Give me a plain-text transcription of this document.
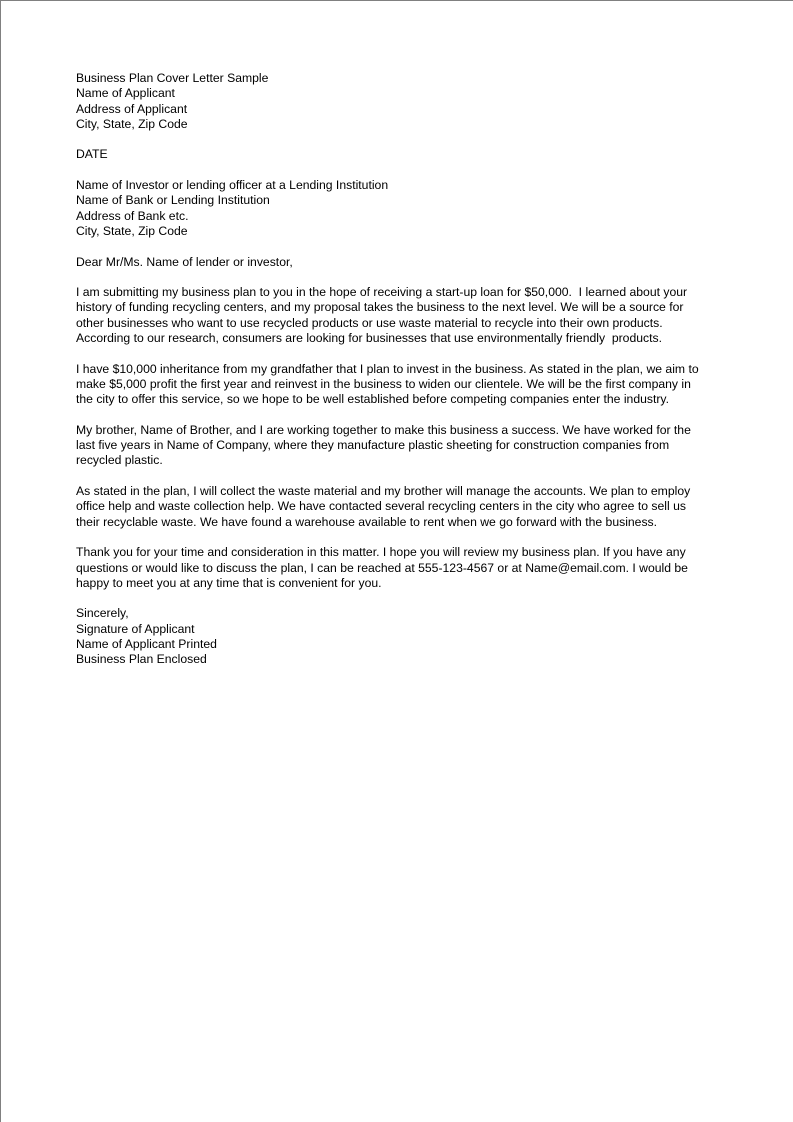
Business Plan Cover Letter Sample
Name of Applicant
Address of Applicant
City, State, Zip Code
DATE
Name of Investor or lending officer at a Lending Institution
Name of Bank or Lending Institution
Address of Bank etc.
City, State, Zip Code
Dear Mr/Ms. Name of lender or investor,

I am submitting my business plan to you in the hope of receiving a start-up loan for $50,000.  I learned about your history of funding recycling centers, and my proposal takes the business to the next level. We will be a source for other businesses who want to use recycled products or use waste material to recycle into their own products. According to our research, consumers are looking for businesses that use environmentally friendly  products.

I have $10,000 inheritance from my grandfather that I plan to invest in the business. As stated in the plan, we aim to make $5,000 profit the first year and reinvest in the business to widen our clientele. We will be the first company in the city to offer this service, so we hope to be well established before competing companies enter the industry.

My brother, Name of Brother, and I are working together to make this business a success. We have worked for the last five years in Name of Company, where they manufacture plastic sheeting for construction companies from recycled plastic.

As stated in the plan, I will collect the waste material and my brother will manage the accounts. We plan to employ office help and waste collection help. We have contacted several recycling centers in the city who agree to sell us their recyclable waste. We have found a warehouse available to rent when we go forward with the business.

Thank you for your time and consideration in this matter. I hope you will review my business plan. If you have any questions or would like to discuss the plan, I can be reached at 555-123-4567 or at Name@email.com. I would be happy to meet you at any time that is convenient for you.

Sincerely,
Signature of Applicant
Name of Applicant Printed
Business Plan Enclosed
